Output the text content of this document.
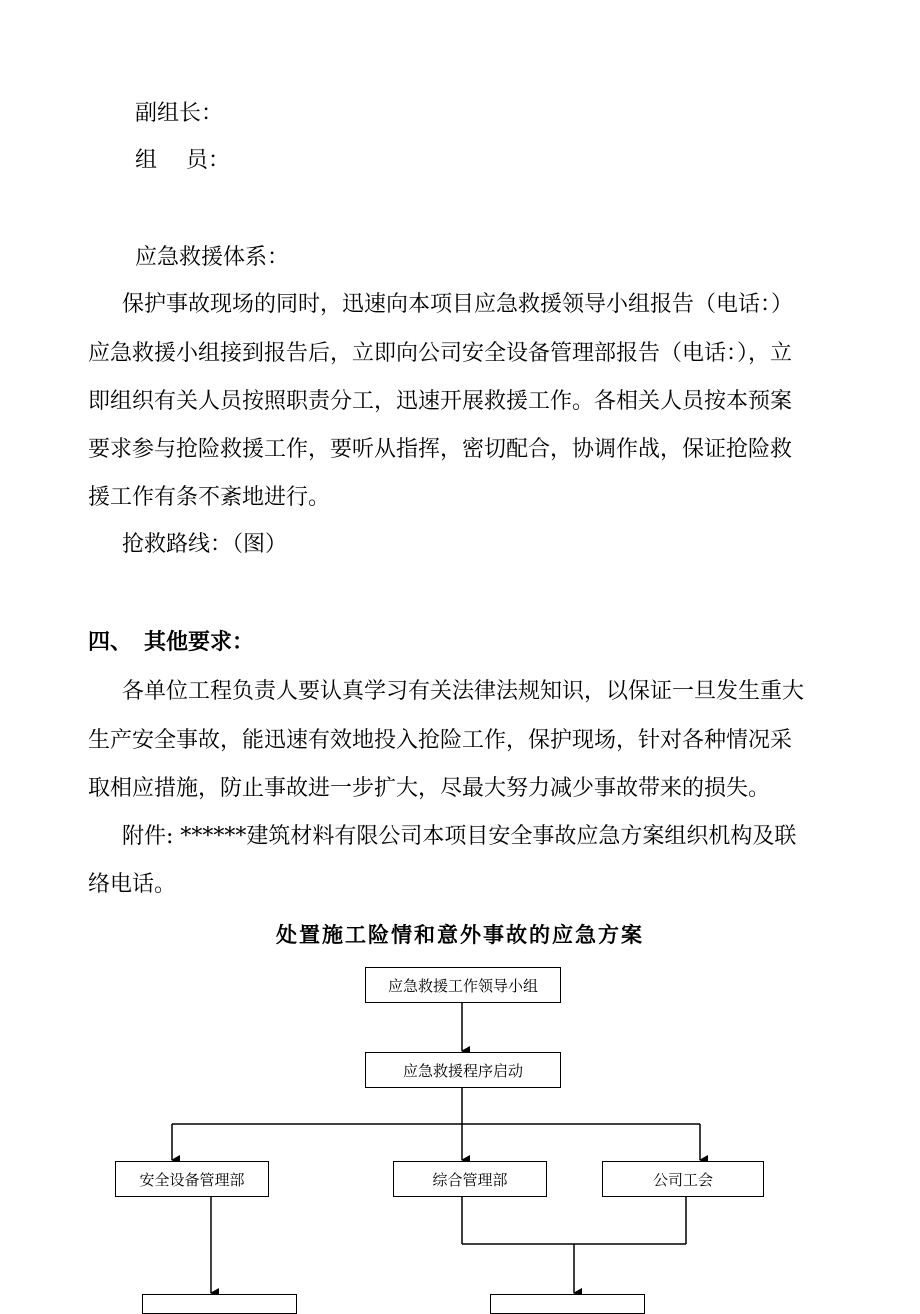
副组长：
组　 员：
应急救援体系：
保护事故现场的同时，迅速向本项目应急救援领导小组报告（电话：）
应急救援小组接到报告后，立即向公司安全设备管理部报告（电话：），立
即组织有关人员按照职责分工，迅速开展救援工作。各相关人员按本预案
要求参与抢险救援工作，要听从指挥，密切配合，协调作战，保证抢险救
援工作有条不紊地进行。
抢救路线：（图）
四、 其他要求：
各单位工程负责人要认真学习有关法律法规知识，以保证一旦发生重大
生产安全事故，能迅速有效地投入抢险工作，保护现场，针对各种情况采
取相应措施，防止事故进一步扩大，尽最大努力减少事故带来的损失。
附件: ******建筑材料有限公司本项目安全事故应急方案组织机构及联
络电话。
处置施工险情和意外事故的应急方案
应急救援工作领导小组
应急救援程序启动
安全设备管理部	综合管理部	公司工会
